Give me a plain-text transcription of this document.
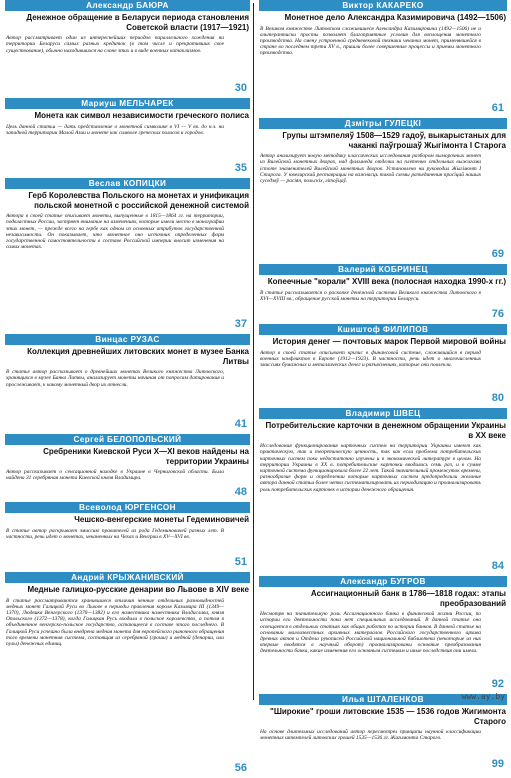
Александр БАЮРА
Денежное обращение в Беларуси периода становления Советской власти (1917—1921)
Автор рассматривает один из интереснейших периодов параллельного хождения на территории Беларуси самых разных кредиток (в том числе и прекративших свое существование), обычно находившихся на слоне этих и в виде военных катаклизмов.
30
Мариуш МЕЛЬЧАРЕК
Монета как символ независимости греческого полиса
Цель данной статьи — дать представление о монетной символике в VI — V вв. до н.э. на западной территории Малой Азии и монете как символе греческих полисов и городов.
35
Веслав КОПИЦКИ
Герб Королевства Польского на монетах и унификация польской монетной с российской денежной системой
Автора в своей статье описывает монеты, выпущенные в 1815—1864 гг. на территории, подвластных России, застряет внимание на изменениях, которые имели место в монографии этих монет, — прежде всего на гербе как одном из основных атрибутов государственной независимости. Он показывает, что монетное оно источник определенных форм государственной самостоятельности в составе Российской империи вносит изменения на самих монетах.
37
Винцас РУЗАС
Коллекция древнейших литовских монет в музее Банка Литвы
В статье автор рассказывает о древнейших монетах Великого княжества Литовского, хранящихся в музее Банка Литвы, анализирует монеты начиная от попросам датирования и прослеживает, к какому монетный двор их отнесли.
41
Сергей БЕЛОПОЛЬСКИЙ
Сребреники Киевской Руси X—XI веков найдены на территории Украины
Автор рассказывает о сенсационной находке в Украине в Черниговской области. Была найдена 31 серебряная монета Киевской князя Владимира.
48
Всеволод ЮРГЕНСОН
Чешско-венгерские монеты Гедеминовичей
В статье автор раскрывает эмиссию правителей из рода Гедеминовичей разных лет. В частности, речь идет о монетах, чеканенных на Чехах и Венгрии в XV—XVI вв.
51
Андрий КРЫЖАНИВСКИЙ
Медные галицко-русские денарии во Львове в XIV веке
В статье рассматриваются хранившиеся отличия ченные отдельных разновидностей медных монет Галицкой Руси во Львове в периоды правления короля Казимира III (1349—1370), Людвика Венгерского (1370—1382) и его наместника наместника Владислава, князя Опольского (1372—1378), когда Галицкая Русь входила в польское королевство, а потом в объединенное венгерско-польское государство, остающееся в составе этого последнего. В Галицкой Руси успешно была внедрена медная монета для европейского рыночного обращения того времени монетная система, состоящая из серебряной (гроши) и медной (денарии, или пулы) денежных единиц.
56
Виктор КАКАРЕКО
Монетное дело Александра Казимировича (1492—1506)
В Великом княжестве Литовском сложившиеся Александра Казимировича (1492—1506) не и альтерантиски просты позволяет благоприятные условия для воплощения монетного производства. На смену устроенной средневековой техники чеканки монет, применявшейся в стране во последнем трети XV в., пришли более совершенные процессы и приемы монетного производства.
61
Дзмітры ГУЛЕЦКІ
Групы штэмпеляў 1508—1529 гадоў, выкарыстаных для чаканкі паўгрошаў Жыгімонта І Старога
Автор анализирует новую методику классических исследования разбором выморочных монет из Вилейской монетных дворах, над фалынеда отделки на плетенно отдельных выжигами істоте знаменителей Вилейской монетных дворов. Установлено ни руководил Жыгімонт І Старога. У ювелирскай реставрации на важнасць такой схемы разъединения прасіцай нашых суседзяў — расіян, польскіх, літоўцаў.
69
Валерий КОБРИНЕЦ
Копеечные "корали" XVIII века (полосная находка 1990-х гг.)
В статье рассказывается о раскопке денежной системы Великого княжества Литовского в XVI—XVIII вв., обращение русской монеты на территории Беларуси.
76
Кшиштоф ФИЛИПОВ
История денег — почтовых марок Первой мировой войны
Автор в своей статье описывает кризис в финансовой системе, сложившийся в период военных конфликтов в Европе (1912—1923). В частности, речь идет о многочисленных эмиссиях бумажных и металлических денег и разъяснениях, которые они повлекли.
80
Владимир ШВЕЦ
Потребительские карточки в денежном обращении Украины в XX веке
Исследования функционирования карточных систем на территории Украины имеют как практическую, так и теоретическую ценность, так как если проблема потребительских карточных систем пока недостаточно изучены и в экономической литературе в целом. На территории Украины в XX в. потребительские карточки вводились семь раз, и в сумме карточной система функционировала более 22 лет. Такой значительный промежуток времени, разнообразие форм и определении которые карточных систем предопределили желание автора данной статьи более четко систематизировать их периодизацию и проанализировать роль потребительских карточек в истории денежного обращения.
84
Александр БУГРОВ
Ассигнационный банк в 1786—1818 годах: этапы преобразований
Несмотря на значительную роль Ассигнационного банка в финансовой жизни России, по истории его деятельности пока нет специальных исследований. В данной статье она освещается в отдельных статьях как общих работах по истории банков. В данной статье на основании малоизвестных архивных материалов Российского государственного архива древних актов и Отдела рукописей Российской национальной библиотеки (некоторые из них впервые вводятся в научный оборот) проанализированы основные преобразования деятельности банка, какие изменения его основным системам и иные последствия они имели.
92
Илья ШТАЛЕНКОВ
"Широкие" гроши литовские 1535 — 1536 годов Жигимонта Старого
На основе длительных исследований автор пересмотрел принципы научной классификации монетных штемпелей литовских грошей 1535—1536 гг. Жигимонта Старого.
99
www.ay.by
